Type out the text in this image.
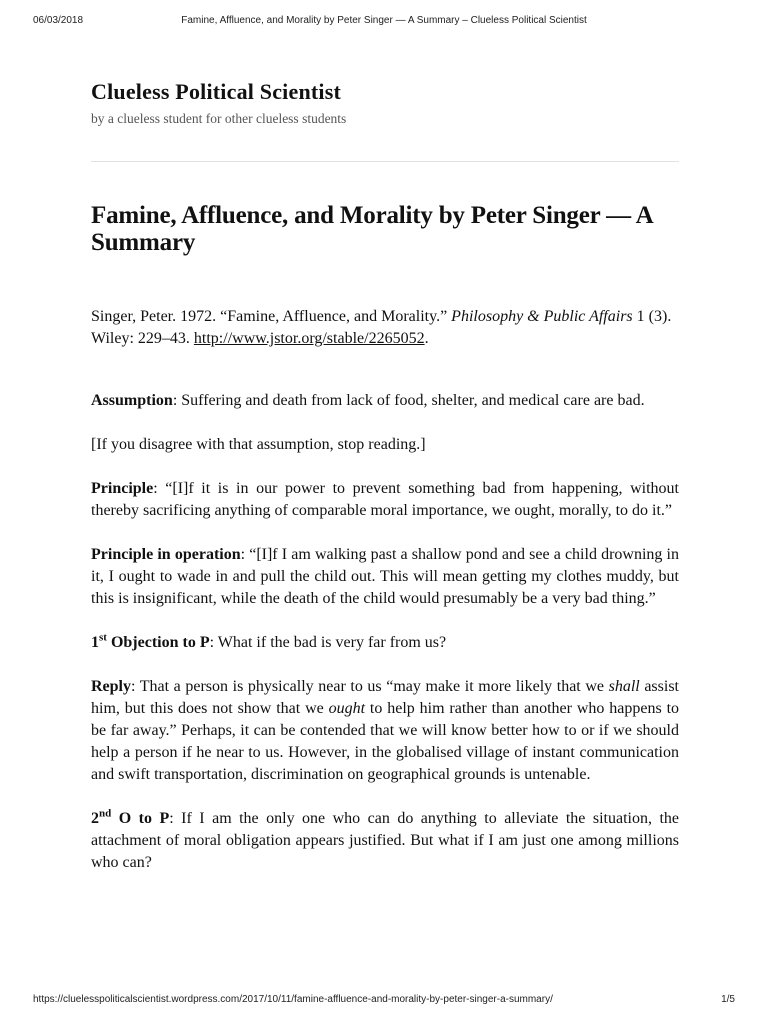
06/03/2018	Famine, Affluence, and Morality by Peter Singer — A Summary – Clueless Political Scientist
Clueless Political Scientist
by a clueless student for other clueless students
Famine, Affluence, and Morality by Peter Singer — A Summary

Singer, Peter. 1972. “Famine, Affluence, and Morality.” Philosophy & Public Affairs 1 (3). Wiley: 229–43. http://www.jstor.org/stable/2265052.

Assumption: Suffering and death from lack of food, shelter, and medical care are bad.

[If you disagree with that assumption, stop reading.]

Principle: “[I]f it is in our power to prevent something bad from happening, without thereby sacrificing anything of comparable moral importance, we ought, morally, to do it.”

Principle in operation: “[I]f I am walking past a shallow pond and see a child drowning in it, I ought to wade in and pull the child out. This will mean getting my clothes muddy, but this is insignificant, while the death of the child would presumably be a very bad thing.”

1st Objection to P: What if the bad is very far from us?

Reply: That a person is physically near to us “may make it more likely that we shall assist him, but this does not show that we ought to help him rather than another who happens to be far away.” Perhaps, it can be contended that we will know better how to or if we should help a person if he near to us. However, in the globalised village of instant communication and swift transportation, discrimination on geographical grounds is untenable.

2nd O to P: If I am the only one who can do anything to alleviate the situation, the attachment of moral obligation appears justified. But what if I am just one among millions who can?

https://cluelesspoliticalscientist.wordpress.com/2017/10/11/famine-affluence-and-morality-by-peter-singer-a-summary/	1/5
